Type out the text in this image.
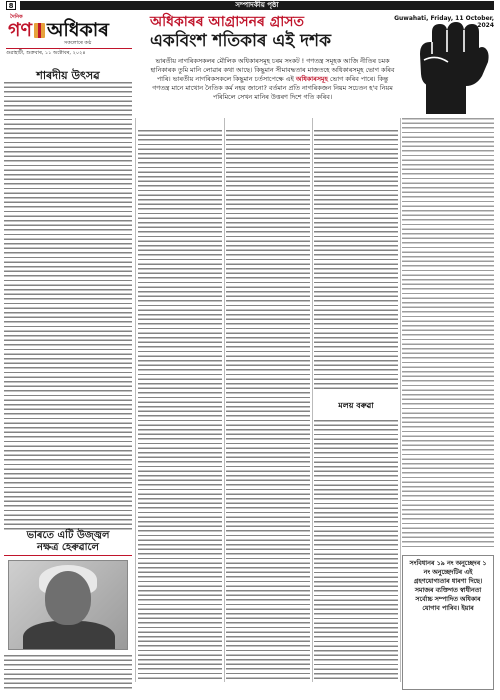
8	সম্পাদকীয় পৃষ্ঠা
দৈনিক
গণ অধিকাৰ
সকলোৰে কণ্ঠ
গুৱাহাটী, শুক্ৰবাৰ, ১১ অক্টোবৰ, ২০২৪
Guwahati, Friday, 11 October, 2024
শাৰদীয় উৎসৱ
অধিকাৰৰ আগ্ৰাসনৰ গ্ৰাসত
একবিংশ শতিকাৰ এই দশক
ভাৰতীয় নাগৰিকসকলৰ মৌলিক অধিকাৰসমূহ চৰম সংকট ! গণতন্ত্ৰ সমূহক আজি নীতিৰ চমক হানিকাৰক তুমি মানি লোৱাৰ কথা আছে। কিছুমান সীমাবদ্ধতাৰ মাজতহে অধিকাৰসমূহ ভোগ কৰিব পাৰি। ভাৰতীয় নাগৰিকসকলে কিছুমান চৰ্তসাপেক্ষে এই অধিকাৰসমূহ ভোগ কৰিব পাৰে। কিন্তু গণতন্ত্ৰ মানে মাথোন নৈতিক কৰ্ম নহয় জানো? বৰ্তমান প্ৰতি নাগৰিকজন নিয়ম সচেতন হ'ব নিয়ম পৰিমিলে সেখন মানিৰ উত্তৰণ দিশে গতি কৰিব।
মলয় বৰুৱা
ভাৰতে এটি উজ্জ্বল
নক্ষত্ৰ হেৰুৱালে
সংবিধানৰ ১৯ নং অনুচ্ছেদৰ ১ নং অনুচ্ছেদটিৰ এই গ্ৰহণযোগ্যতাৰ ধাৰণা দিছে। সমাজৰ ব্যক্তিগত স্বাধীনতা সৰ্বোচ্চ সম্পাদিত অধিকাৰ যোগাব পাৰিব। ইয়াৰ
